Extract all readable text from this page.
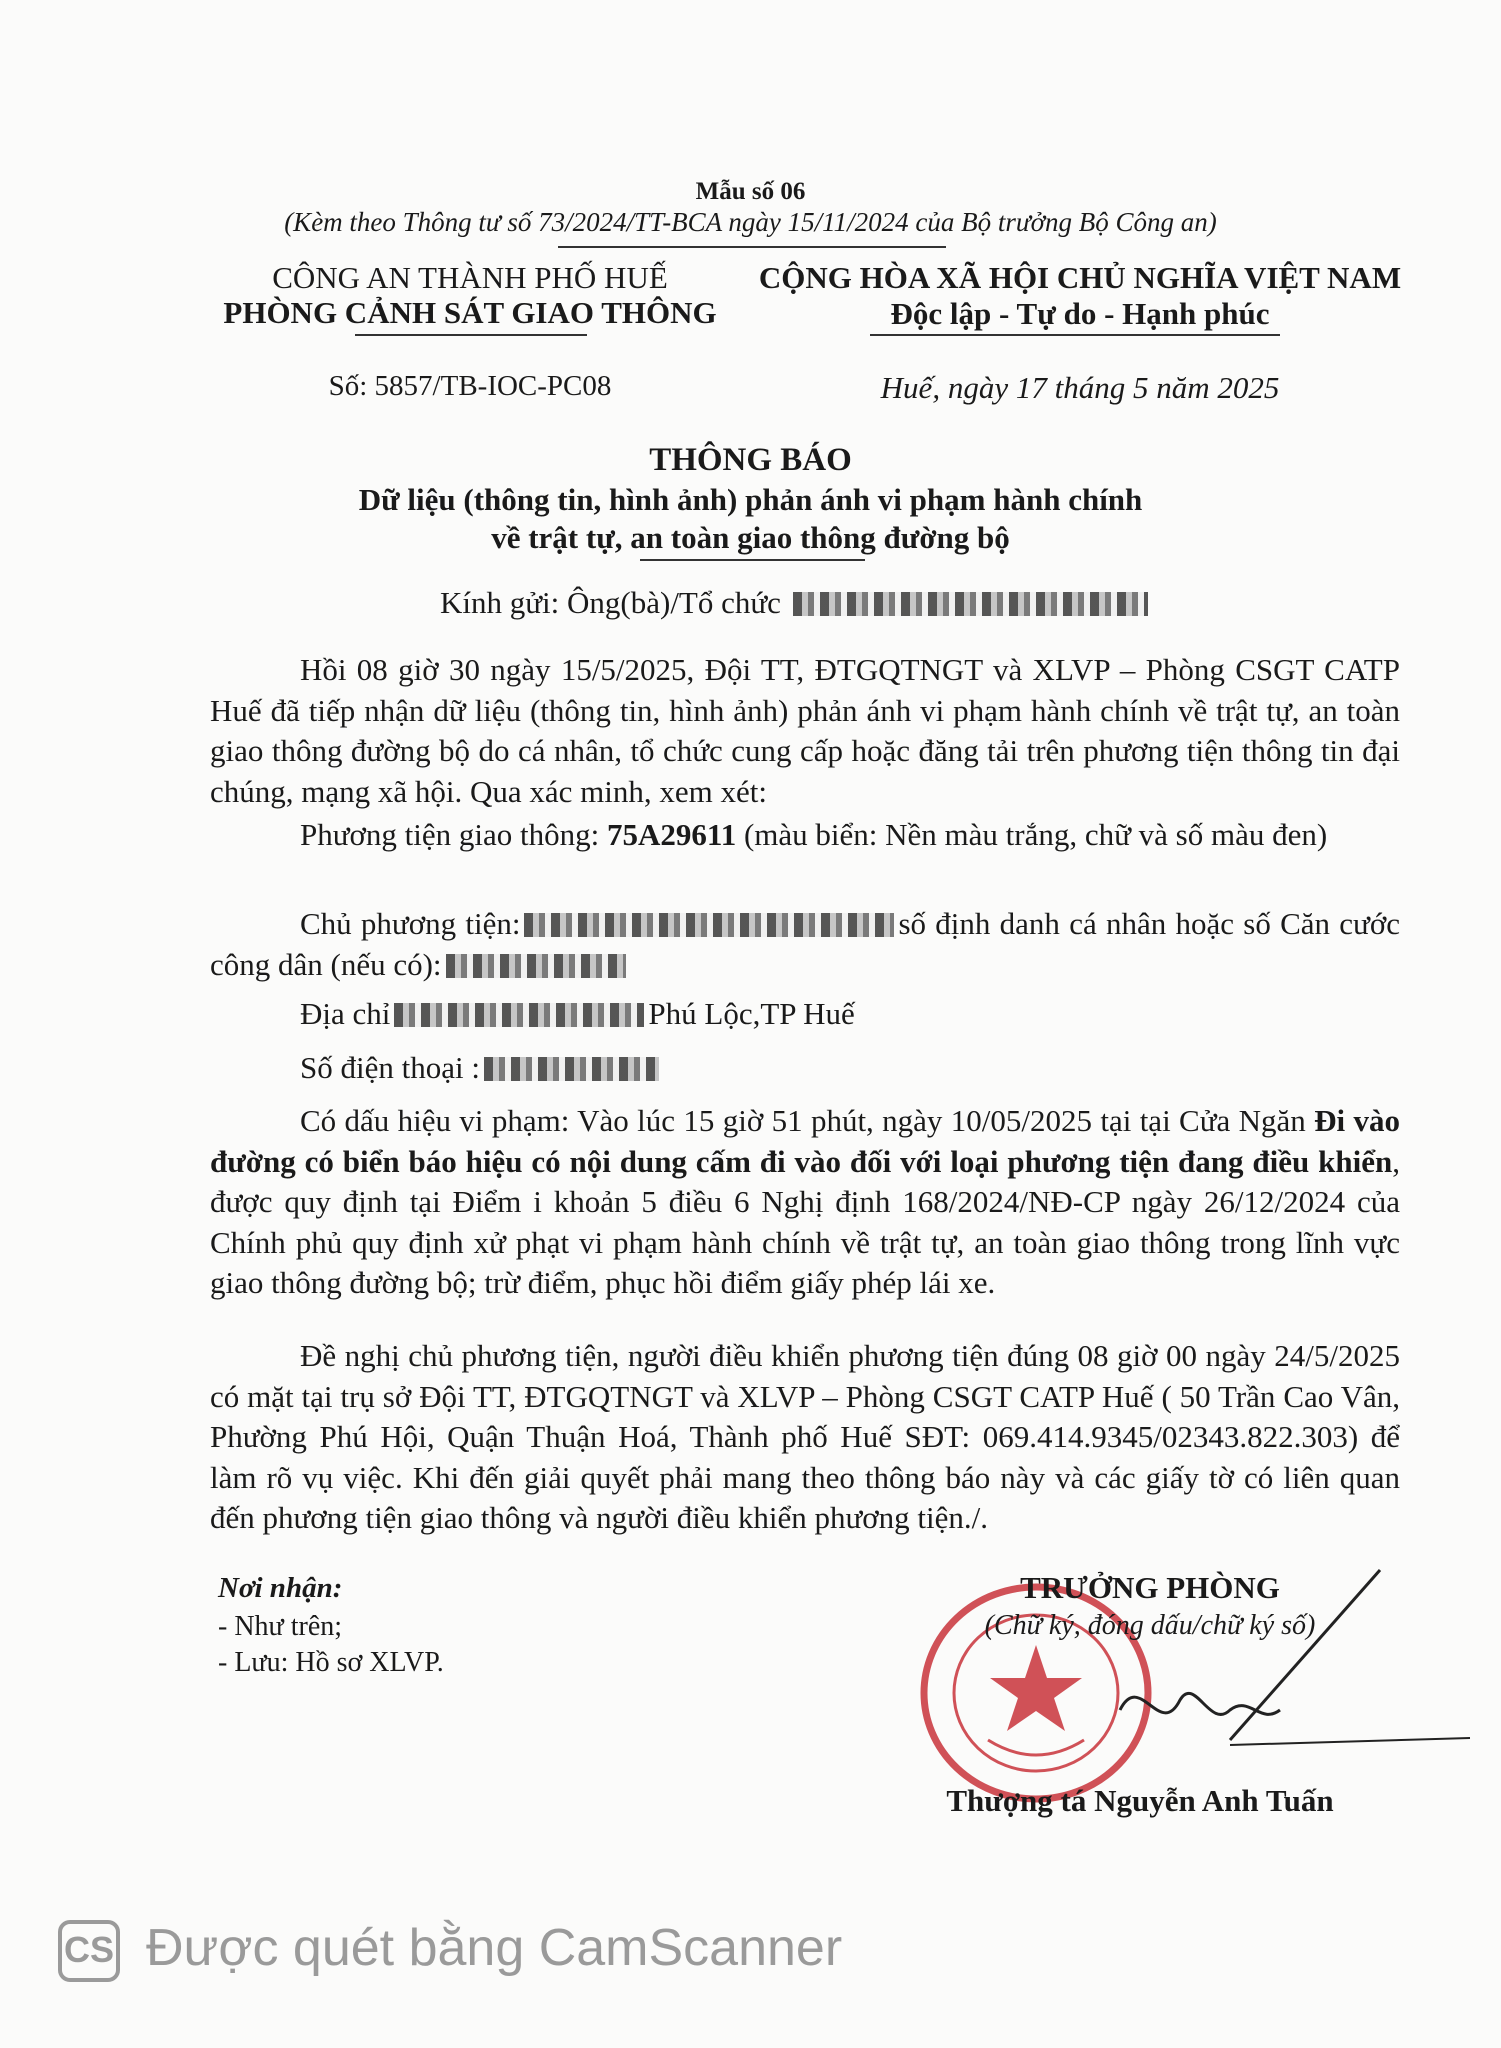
Mẫu số 06
(Kèm theo Thông tư số 73/2024/TT-BCA ngày 15/11/2024 của Bộ trưởng Bộ Công an)
CÔNG AN THÀNH PHỐ HUẾ
PHÒNG CẢNH SÁT GIAO THÔNG
CỘNG HÒA XÃ HỘI CHỦ NGHĨA VIỆT NAM
Độc lập - Tự do - Hạnh phúc
Số: 5857/TB-IOC-PC08	Huế, ngày 17 tháng 5 năm 2025
THÔNG BÁO
Dữ liệu (thông tin, hình ảnh) phản ánh vi phạm hành chính
về trật tự, an toàn giao thông đường bộ
Kính gửi: Ông(bà)/Tổ chức
Hồi 08 giờ 30 ngày 15/5/2025, Đội TT, ĐTGQTNGT và XLVP – Phòng CSGT CATP Huế đã tiếp nhận dữ liệu (thông tin, hình ảnh) phản ánh vi phạm hành chính về trật tự, an toàn giao thông đường bộ do cá nhân, tổ chức cung cấp hoặc đăng tải trên phương tiện thông tin đại chúng, mạng xã hội. Qua xác minh, xem xét:
Phương tiện giao thông: 75A29611 (màu biển: Nền màu trắng, chữ và số màu đen)
Chủ phương tiện:	số định danh cá nhân hoặc số Căn cước công dân (nếu có):
Địa chỉ	Phú Lộc,TP Huế
Số điện thoại :
Có dấu hiệu vi phạm: Vào lúc 15 giờ 51 phút, ngày 10/05/2025 tại tại Cửa Ngăn Đi vào đường có biển báo hiệu có nội dung cấm đi vào đối với loại phương tiện đang điều khiển, được quy định tại Điểm i khoản 5 điều 6 Nghị định 168/2024/NĐ-CP ngày 26/12/2024 của Chính phủ quy định xử phạt vi phạm hành chính về trật tự, an toàn giao thông trong lĩnh vực giao thông đường bộ; trừ điểm, phục hồi điểm giấy phép lái xe.
Đề nghị chủ phương tiện, người điều khiển phương tiện đúng 08 giờ 00 ngày 24/5/2025 có mặt tại trụ sở Đội TT, ĐTGQTNGT và XLVP – Phòng CSGT CATP Huế ( 50 Trần Cao Vân, Phường Phú Hội, Quận Thuận Hoá, Thành phố Huế SĐT: 069.414.9345/02343.822.303) để làm rõ vụ việc. Khi đến giải quyết phải mang theo thông báo này và các giấy tờ có liên quan đến phương tiện giao thông và người điều khiển phương tiện./.
Nơi nhận:
- Như trên;
- Lưu: Hồ sơ XLVP.
TRƯỞNG PHÒNG
(Chữ ký, đóng dấu/chữ ký số)
Thượng tá Nguyễn Anh Tuấn
CS Được quét bằng CamScanner
